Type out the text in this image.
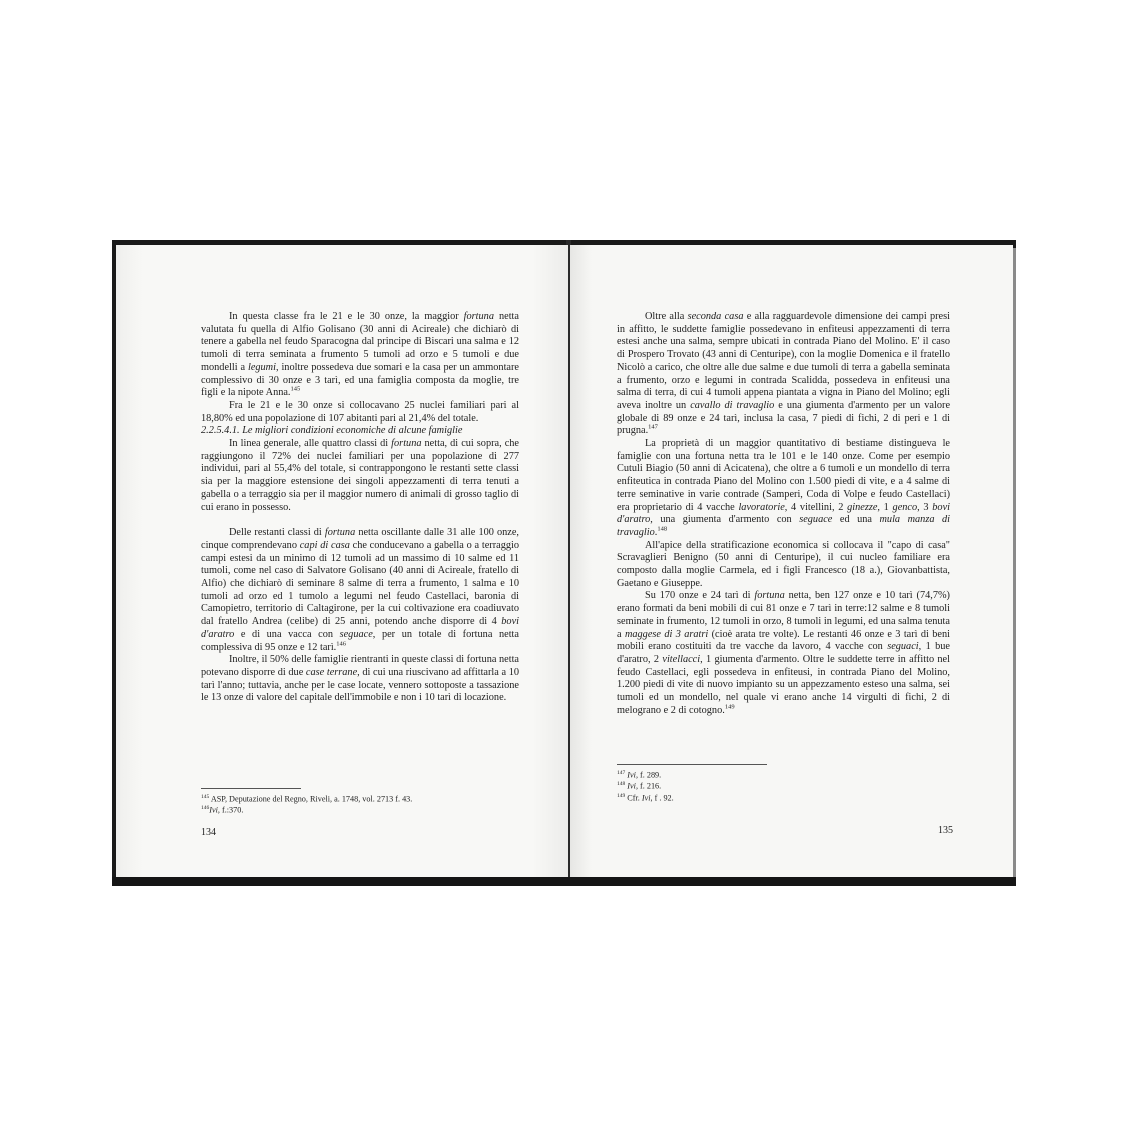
In questa classe fra le 21 e le 30 onze, la maggior fortuna netta valutata fu quella di Alfio Golisano (30 anni di Acireale) che dichiarò di tenere a gabella nel feudo Sparacogna dal principe di Biscari una salma e 12 tumoli di terra seminata a frumento 5 tumoli ad orzo e 5 tumoli e due mondelli a legumi, inoltre possedeva due somari e la casa per un ammontare complessivo di 30 onze e 3 tarì, ed una famiglia composta da moglie, tre figli e la nipote Anna.$^{145}$

Fra le 21 e le 30 onze si collocavano 25 nuclei familiari pari al 18,80% ed una popolazione di 107 abitanti pari al 21,4% del totale.

2.2.5.4.1. Le migliori condizioni economiche di alcune famiglie

In linea generale, alle quattro classi di fortuna netta, di cui sopra, che raggiungono il 72% dei nuclei familiari per una popolazione di 277 individui, pari al 55,4% del totale, si contrappongono le restanti sette classi sia per la maggiore estensione dei singoli appezzamenti di terra tenuti a gabella o a terraggio sia per il maggior numero di animali di grosso taglio di cui erano in possesso.

Delle restanti classi di fortuna netta oscillante dalle 31 alle 100 onze, cinque comprendevano capi di casa che conducevano a gabella o a terraggio campi estesi da un minimo di 12 tumoli ad un massimo di 10 salme ed 11 tumoli, come nel caso di Salvatore Golisano (40 anni di Acireale, fratello di Alfio) che dichiarò di seminare 8 salme di terra a frumento, 1 salma e 10 tumoli ad orzo ed 1 tumolo a legumi nel feudo Castellaci, baronia di Camopietro, territorio di Caltagirone, per la cui coltivazione era coadiuvato dal fratello Andrea (celibe) di 25 anni, potendo anche disporre di 4 bovi d'aratro e di una vacca con seguace, per un totale di fortuna netta complessiva di 95 onze e 12 tarì.$^{146}$

Inoltre, il 50% delle famiglie rientranti in queste classi di fortuna netta potevano disporre di due case terrane, di cui una riuscivano ad affittarla a 10 tarì l'anno; tuttavia, anche per le case locate, vennero sottoposte a tassazione le 13 onze di valore del capitale dell'immobile e non i 10 tarì di locazione.

$^{145}$ ASP, Deputazione del Regno, Riveli, a. 1748, vol. 2713 f. 43.
$^{146}$Ivi, f.:370.
134

Oltre alla seconda casa e alla ragguardevole dimensione dei campi presi in affitto, le suddette famiglie possedevano in enfiteusi appezzamenti di terra estesi anche una salma, sempre ubicati in contrada Piano del Molino. E' il caso di Prospero Trovato (43 anni di Centuripe), con la moglie Domenica e il fratello Nicolò a carico, che oltre alle due salme e due tumoli di terra a gabella seminata a frumento, orzo e legumi in contrada Scalidda, possedeva in enfiteusi una salma di terra, di cui 4 tumoli appena piantata a vigna in Piano del Molino; egli aveva inoltre un cavallo di travaglio e una giumenta d'armento per un valore globale di 89 onze e 24 tarì, inclusa la casa, 7 piedi di fichi, 2 di peri e 1 di prugna.$^{147}$

La proprietà di un maggior quantitativo di bestiame distingueva le famiglie con una fortuna netta tra le 101 e le 140 onze. Come per esempio Cutuli Biagio (50 anni di Acicatena), che oltre a 6 tumoli e un mondello di terra enfiteutica in contrada Piano del Molino con 1.500 piedi di vite, e a 4 salme di terre seminative in varie contrade (Samperi, Coda di Volpe e feudo Castellaci) era proprietario di 4 vacche lavoratorie, 4 vitellini, 2 ginezze, 1 genco, 3 bovi d'aratro, una giumenta d'armento con seguace ed una mula manza di travaglio.$^{148}$

All'apice della stratificazione economica si collocava il "capo di casa" Scravaglieri Benigno (50 anni di Centuripe), il cui nucleo familiare era composto dalla moglie Carmela, ed i figli Francesco (18 a.), Giovanbattista, Gaetano e Giuseppe.

Su 170 onze e 24 tarì di fortuna netta, ben 127 onze e 10 tarì (74,7%) erano formati da beni mobili di cui 81 onze e 7 tarì in terre:12 salme e 8 tumoli seminate in frumento, 12 tumoli in orzo, 8 tumoli in legumi, ed una salma tenuta a maggese di 3 aratri (cioè arata tre volte). Le restanti 46 onze e 3 tarì di beni mobili erano costituiti da tre vacche da lavoro, 4 vacche con seguaci, 1 bue d'aratro, 2 vitellacci, 1 giumenta d'armento. Oltre le suddette terre in affitto nel feudo Castellaci, egli possedeva in enfiteusi, in contrada Piano del Molino, 1.200 piedi di vite di nuovo impianto su un appezzamento esteso una salma, sei tumoli ed un mondello, nel quale vi erano anche 14 virgulti di fichi, 2 di melograno e 2 di cotogno.$^{149}$

$^{147}$ Ivi, f. 289.
$^{148}$ Ivi, f. 216.
$^{149}$ Cfr. Ivi, f . 92.
135
